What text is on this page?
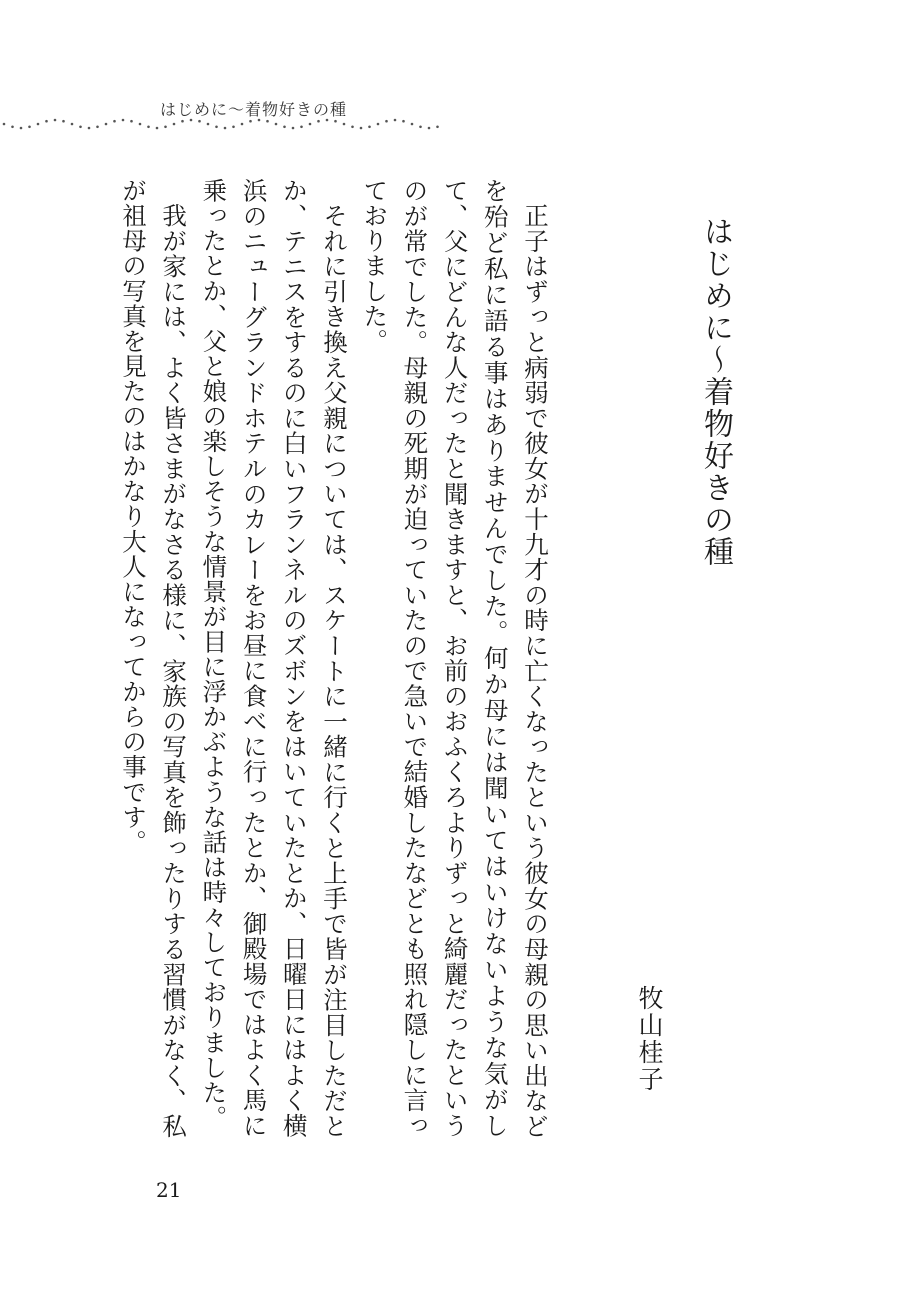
はじめに〜着物好きの種
はじめに〜着物好きの種
牧山桂子

正子はずっと病弱で彼女が十九才の時に亡くなったという彼女の母親の思い出などを殆ど私に語る事はありませんでした。何か母には聞いてはいけないような気がして、父にどんな人だったと聞きますと、お前のおふくろよりずっと綺麗だったというのが常でした。母親の死期が迫っていたので急いで結婚したなどとも照れ隠しに言っておりました。

それに引き換え父親については、スケートに一緒に行くと上手で皆が注目しただとか、テニスをするのに白いフランネルのズボンをはいていたとか、日曜日にはよく横浜のニューグランドホテルのカレーをお昼に食べに行ったとか、御殿場ではよく馬に乗ったとか、父と娘の楽しそうな情景が目に浮かぶような話は時々しておりました。

我が家には、よく皆さまがなさる様に、家族の写真を飾ったりする習慣がなく、私が祖母の写真を見たのはかなり大人になってからの事です。

21
